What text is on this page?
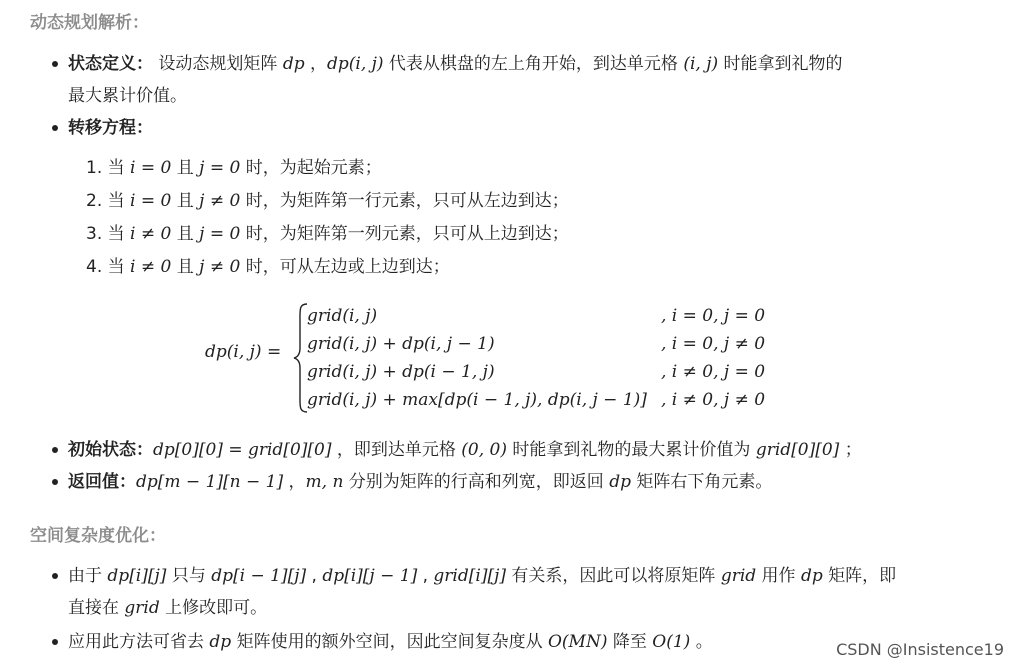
动态规划解析：
状态定义： 设动态规划矩阵 dp ，dp(i, j) 代表从棋盘的左上角开始，到达单元格 (i, j) 时能拿到礼物的
最大累计价值。
转移方程：
1. 当 i = 0 且 j = 0 时，为起始元素；
2. 当 i = 0 且 j ≠ 0 时，为矩阵第一行元素，只可从左边到达；
3. 当 i ≠ 0 且 j = 0 时，为矩阵第一列元素，只可从上边到达；
4. 当 i ≠ 0 且 j ≠ 0 时，可从左边或上边到达；
dp(i, j) =
grid(i, j)	, i = 0, j = 0
grid(i, j) + dp(i, j − 1)	, i = 0, j ≠ 0
grid(i, j) + dp(i − 1, j)	, i ≠ 0, j = 0
grid(i, j) + max[dp(i − 1, j), dp(i, j − 1)] , i ≠ 0, j ≠ 0
初始状态：dp[0][0] = grid[0][0] ，即到达单元格 (0, 0) 时能拿到礼物的最大累计价值为 grid[0][0] ；
返回值：dp[m − 1][n − 1] ，m, n 分别为矩阵的行高和列宽，即返回 dp 矩阵右下角元素。
空间复杂度优化：
由于 dp[i][j] 只与 dp[i − 1][j] , dp[i][j − 1] , grid[i][j] 有关系，因此可以将原矩阵 grid 用作 dp 矩阵，即
直接在 grid 上修改即可。
应用此方法可省去 dp 矩阵使用的额外空间，因此空间复杂度从 O(MN) 降至 O(1) 。	CSDN @Insistence19
